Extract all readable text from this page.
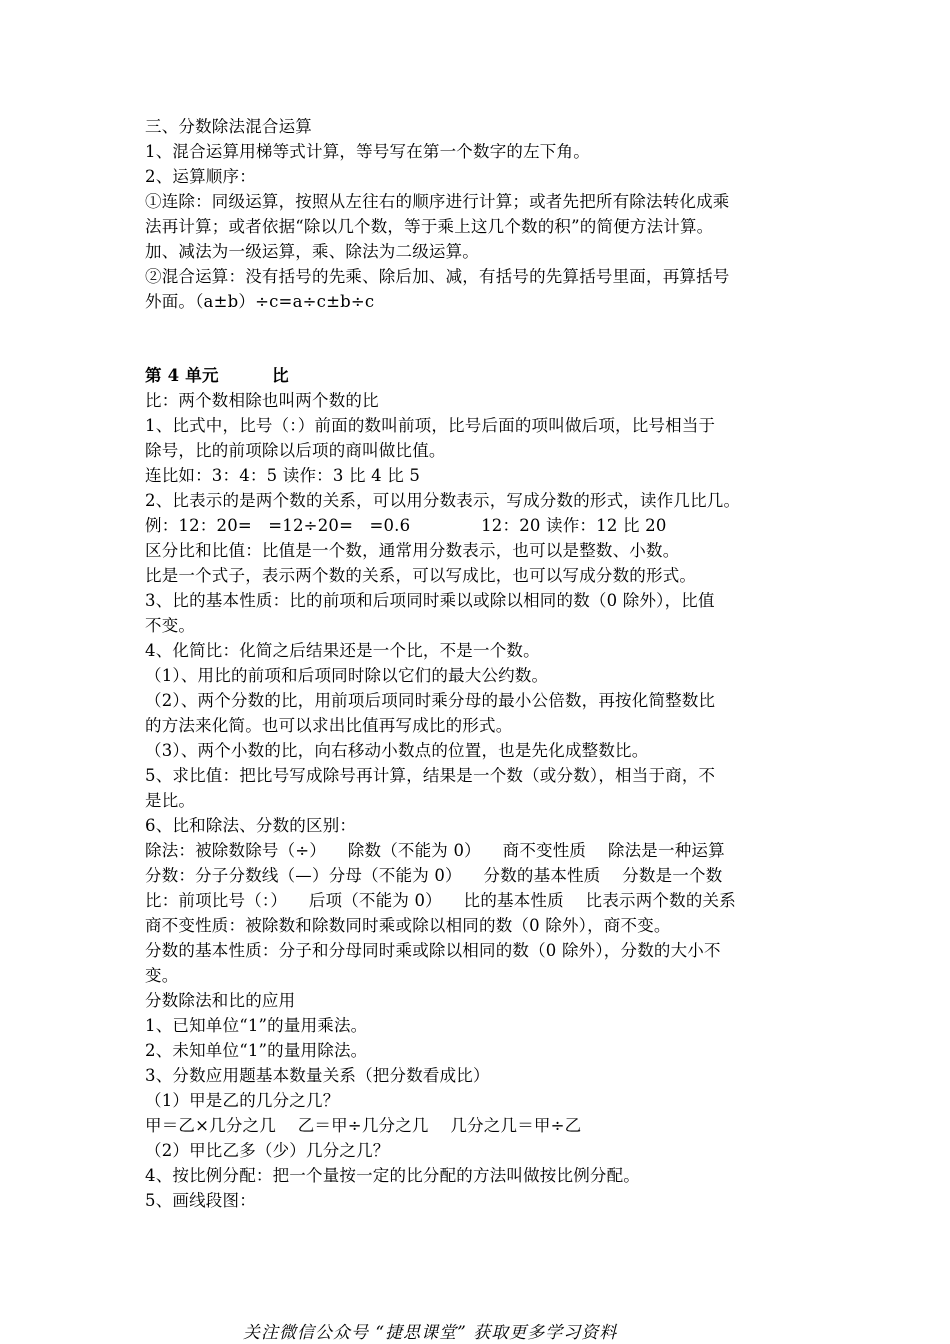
三、分数除法混合运算
1、混合运算用梯等式计算，等号写在第一个数字的左下角。
2、运算顺序：
①连除：同级运算，按照从左往右的顺序进行计算；或者先把所有除法转化成乘
法再计算；或者依据“除以几个数，等于乘上这几个数的积”的简便方法计算。
加、减法为一级运算，乘、除法为二级运算。
②混合运算：没有括号的先乘、除后加、减，有括号的先算括号里面，再算括号
外面。（a±b）÷c=a÷c±b÷c
第 4 单元         比
比：两个数相除也叫两个数的比
1、比式中，比号（：）前面的数叫前项，比号后面的项叫做后项，比号相当于
除号，比的前项除以后项的商叫做比值。
连比如：3：4：5 读作：3 比 4 比 5
2、比表示的是两个数的关系，可以用分数表示，写成分数的形式，读作几比几。
例：12：20=   =12÷20=   =0.6             12：20 读作：12 比 20
区分比和比值：比值是一个数，通常用分数表示，也可以是整数、小数。
比是一个式子，表示两个数的关系，可以写成比，也可以写成分数的形式。
3、比的基本性质：比的前项和后项同时乘以或除以相同的数（0 除外），比值
不变。
4、化简比：化简之后结果还是一个比，不是一个数。
（1）、用比的前项和后项同时除以它们的最大公约数。
（2）、两个分数的比，用前项后项同时乘分母的最小公倍数，再按化简整数比
的方法来化简。也可以求出比值再写成比的形式。
（3）、两个小数的比，向右移动小数点的位置，也是先化成整数比。
5、求比值：把比号写成除号再计算，结果是一个数（或分数），相当于商，不
是比。
6、比和除法、分数的区别：
除法：被除数除号（÷）    除数（不能为 0）    商不变性质    除法是一种运算
分数：分子分数线（—）分母（不能为 0）    分数的基本性质    分数是一个数
比：前项比号（：）    后项（不能为 0）    比的基本性质    比表示两个数的关系
商不变性质：被除数和除数同时乘或除以相同的数（0 除外），商不变。
分数的基本性质：分子和分母同时乘或除以相同的数（0 除外），分数的大小不
变。
分数除法和比的应用
1、已知单位“1”的量用乘法。
2、未知单位“1”的量用除法。
3、分数应用题基本数量关系（把分数看成比）
（1）甲是乙的几分之几？
甲＝乙×几分之几    乙＝甲÷几分之几    几分之几＝甲÷乙
（2）甲比乙多（少）几分之几？
4、按比例分配：把一个量按一定的比分配的方法叫做按比例分配。
5、画线段图：
关注微信公众号 “捷思课堂” 获取更多学习资料
